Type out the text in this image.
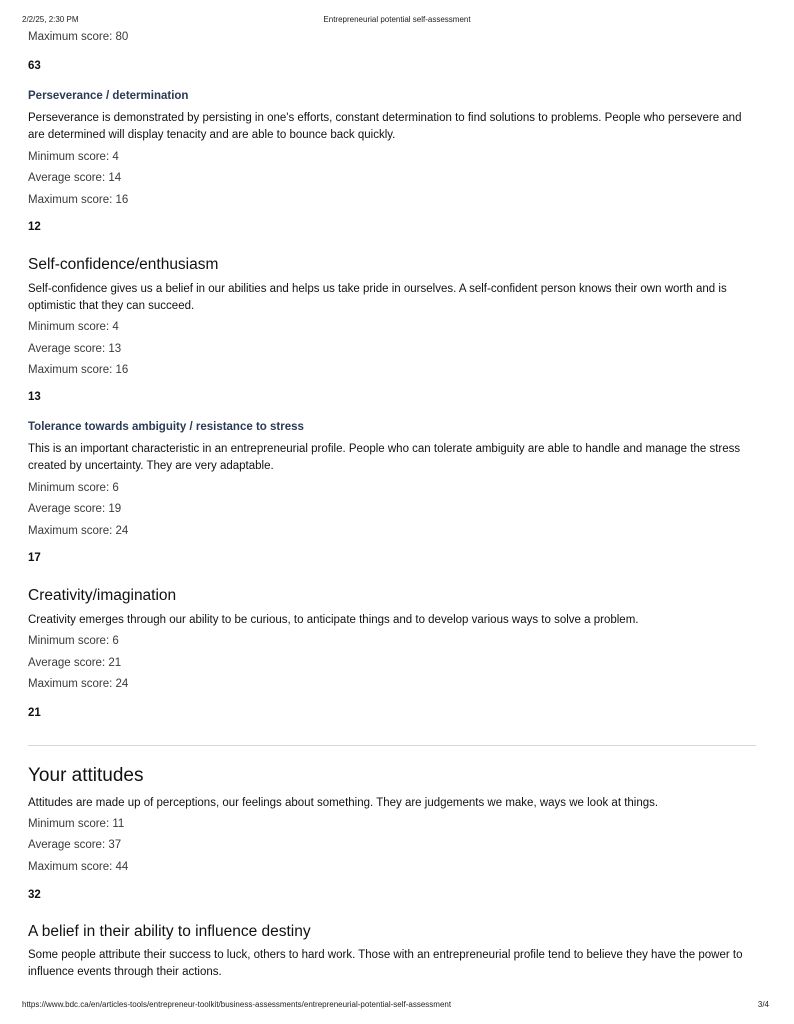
2/2/25, 2:30 PM	Entrepreneurial potential self-assessment
Maximum score: 80
63
Perseverance / determination
Perseverance is demonstrated by persisting in one's efforts, constant determination to find solutions to problems. People who persevere and are determined will display tenacity and are able to bounce back quickly.
Minimum score: 4
Average score: 14
Maximum score: 16
12
Self-confidence/enthusiasm
Self-confidence gives us a belief in our abilities and helps us take pride in ourselves. A self-confident person knows their own worth and is optimistic that they can succeed.
Minimum score: 4
Average score: 13
Maximum score: 16
13
Tolerance towards ambiguity / resistance to stress
This is an important characteristic in an entrepreneurial profile. People who can tolerate ambiguity are able to handle and manage the stress created by uncertainty. They are very adaptable.
Minimum score: 6
Average score: 19
Maximum score: 24
17
Creativity/imagination
Creativity emerges through our ability to be curious, to anticipate things and to develop various ways to solve a problem.
Minimum score: 6
Average score: 21
Maximum score: 24
21
Your attitudes
Attitudes are made up of perceptions, our feelings about something. They are judgements we make, ways we look at things.
Minimum score: 11
Average score: 37
Maximum score: 44
32
A belief in their ability to influence destiny
Some people attribute their success to luck, others to hard work. Those with an entrepreneurial profile tend to believe they have the power to influence events through their actions.
https://www.bdc.ca/en/articles-tools/entrepreneur-toolkit/business-assessments/entrepreneurial-potential-self-assessment	3/4
